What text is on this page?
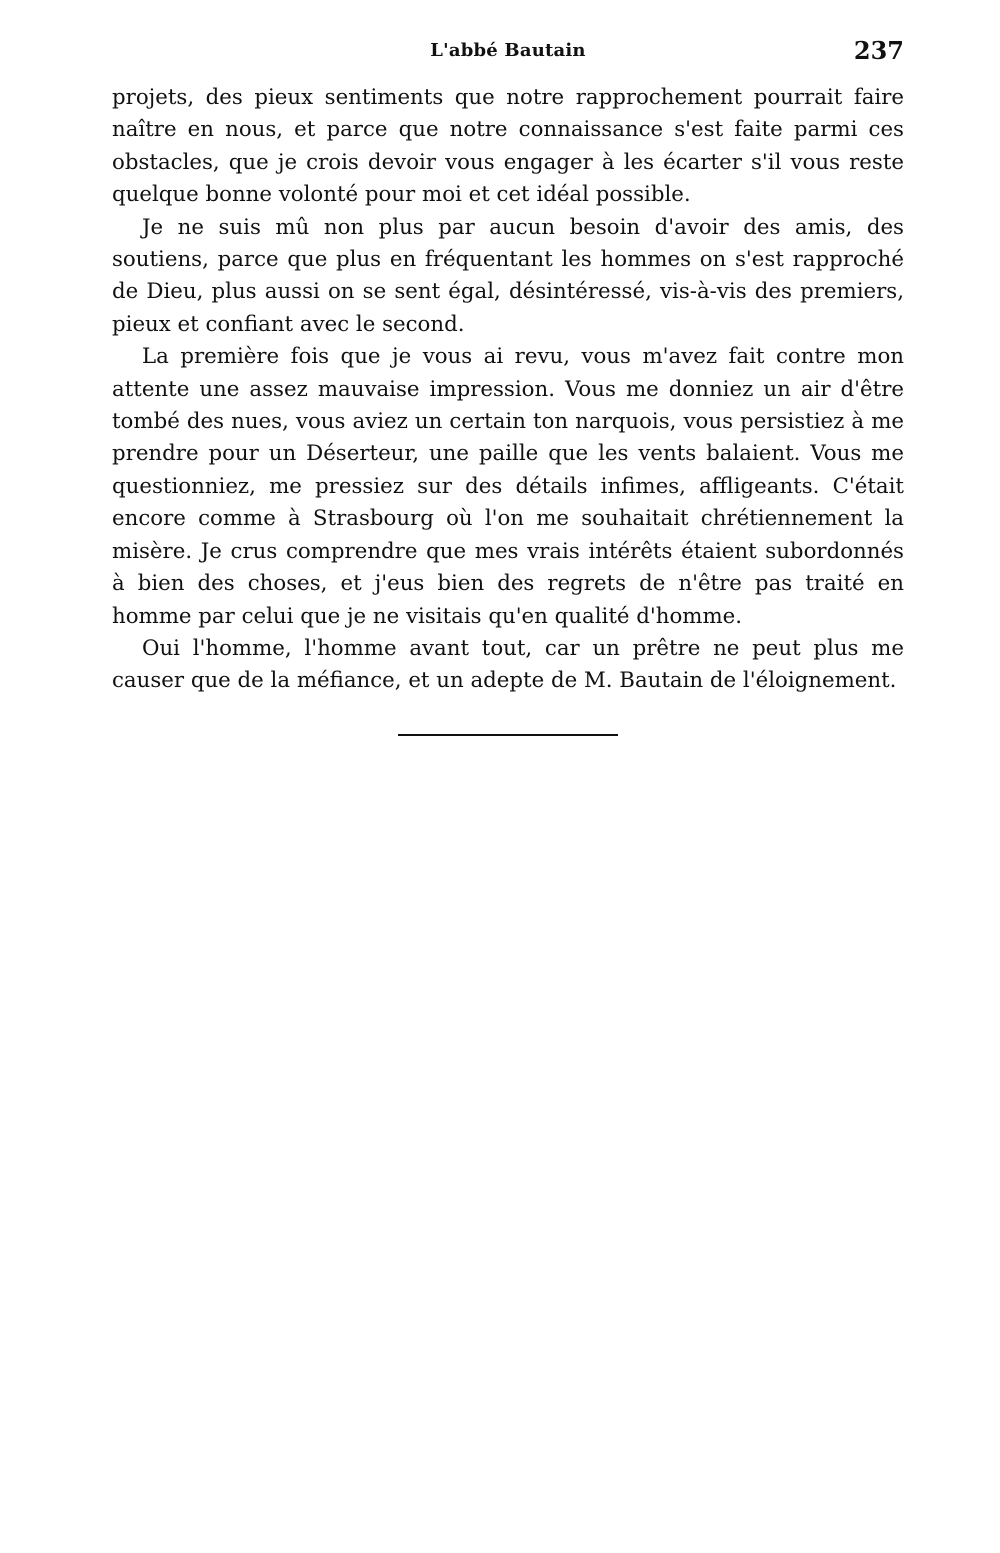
L'abbé Bautain	237

projets, des pieux sentiments que notre rapprochement pourrait faire naître en nous, et parce que notre connaissance s'est faite parmi ces obstacles, que je crois devoir vous engager à les écarter s'il vous reste quelque bonne volonté pour moi et cet idéal possible.

Je ne suis mû non plus par aucun besoin d'avoir des amis, des soutiens, parce que plus en fréquentant les hommes on s'est rapproché de Dieu, plus aussi on se sent égal, désintéressé, vis-à-vis des premiers, pieux et confiant avec le second.

La première fois que je vous ai revu, vous m'avez fait contre mon attente une assez mauvaise impression. Vous me donniez un air d'être tombé des nues, vous aviez un certain ton narquois, vous persistiez à me prendre pour un Déserteur, une paille que les vents balaient. Vous me questionniez, me pressiez sur des détails infimes, affligeants. C'était encore comme à Strasbourg où l'on me souhaitait chrétiennement la misère. Je crus comprendre que mes vrais intérêts étaient subordonnés à bien des choses, et j'eus bien des regrets de n'être pas traité en homme par celui que je ne visitais qu'en qualité d'homme.

Oui l'homme, l'homme avant tout, car un prêtre ne peut plus me causer que de la méfiance, et un adepte de M. Bautain de l'éloignement.
